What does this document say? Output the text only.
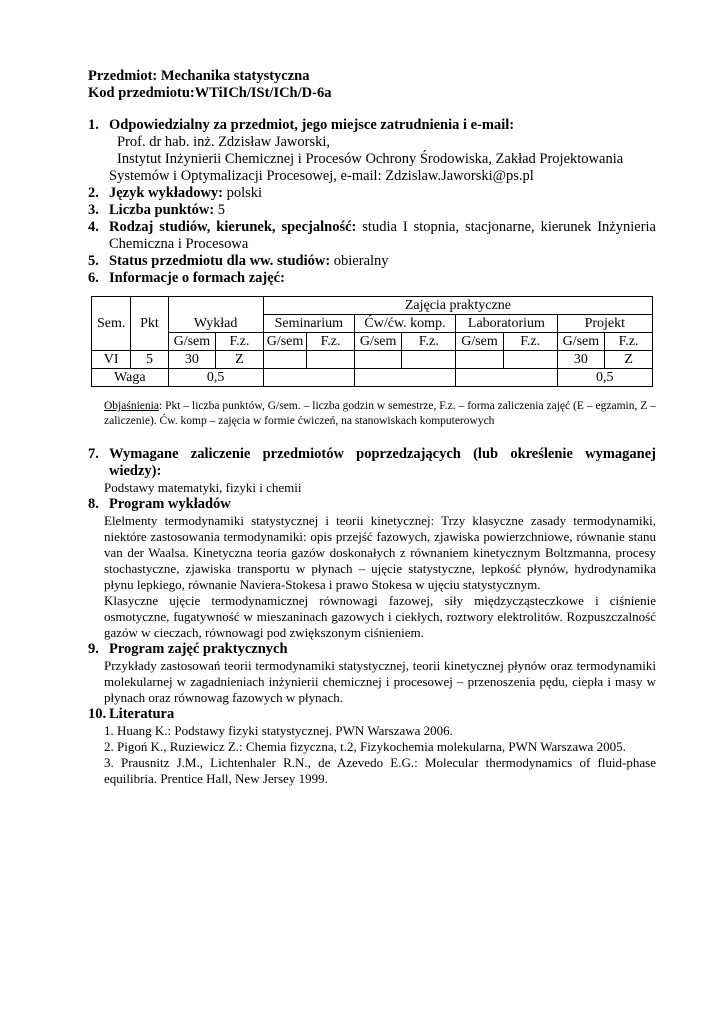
Przedmiot: Mechanika statystyczna
Kod przedmiotu:WTiICh/ISt/ICh/D-6a
1. Odpowiedzialny za przedmiot, jego miejsce zatrudnienia i e-mail:
Prof. dr hab. inż. Zdzisław Jaworski,
Instytut Inżynierii Chemicznej i Procesów Ochrony Środowiska, Zakład Projektowania
Systemów i Optymalizacji Procesowej, e-mail: Zdzislaw.Jaworski@ps.pl
2. Język wykładowy: polski
3. Liczba punktów: 5
4. Rodzaj studiów, kierunek, specjalność: studia I stopnia, stacjonarne, kierunek Inżynieria Chemiczna i Procesowa
5. Status przedmiotu dla ww. studiów: obieralny
6. Informacje o formach zajęć:
Sem.	Pkt	Wykład		Zajęcia praktyczne							
				Seminarium		Ćw/ćw. komp.		Laboratorium		Projekt	
		G/sem	F.z.	G/sem	F.z.	G/sem	F.z.	G/sem	F.z.	G/sem	F.z.
VI	5	30	Z							30	Z
Waga		0,5								0,5	
Objaśnienia: Pkt – liczba punktów, G/sem. – liczba godzin w semestrze, F.z. – forma zaliczenia zajęć (E – egzamin, Z – zaliczenie). Ćw. komp – zajęcia w formie ćwiczeń, na stanowiskach komputerowych
7. Wymagane zaliczenie przedmiotów poprzedzających (lub określenie wymaganej wiedzy):
Podstawy matematyki, fizyki i chemii
8. Program wykładów
Elelmenty termodynamiki statystycznej i teorii kinetycznej: Trzy klasyczne zasady termodynamiki, niektóre zastosowania termodynamiki: opis przejść fazowych, zjawiska powierzchniowe, równanie stanu van der Waalsa. Kinetyczna teoria gazów doskonałych z równaniem kinetycznym Boltzmanna, procesy stochastyczne, zjawiska transportu w płynach – ujęcie statystyczne, lepkość płynów, hydrodynamika płynu lepkiego, równanie Naviera-Stokesa i prawo Stokesa w ujęciu statystycznym.
Klasyczne ujęcie termodynamicznej równowagi fazowej, siły międzycząsteczkowe i ciśnienie osmotyczne, fugatywność w mieszaninach gazowych i ciekłych, roztwory elektrolitów. Rozpuszczalność gazów w cieczach, równowagi pod zwiększonym ciśnieniem.
9. Program zajęć praktycznych
Przykłady zastosowań teorii termodynamiki statystycznej, teorii kinetycznej płynów oraz termodynamiki molekularnej w zagadnieniach inżynierii chemicznej i procesowej – przenoszenia pędu, ciepła i masy w płynach oraz równowag fazowych w płynach.
10. Literatura
1. Huang K.: Podstawy fizyki statystycznej. PWN Warszawa 2006.
2. Pigoń K., Ruziewicz Z.: Chemia fizyczna, t.2, Fizykochemia molekularna, PWN Warszawa 2005.
3. Prausnitz J.M., Lichtenhaler R.N., de Azevedo E.G.: Molecular thermodynamics of fluid-phase equilibria. Prentice Hall, New Jersey 1999.
